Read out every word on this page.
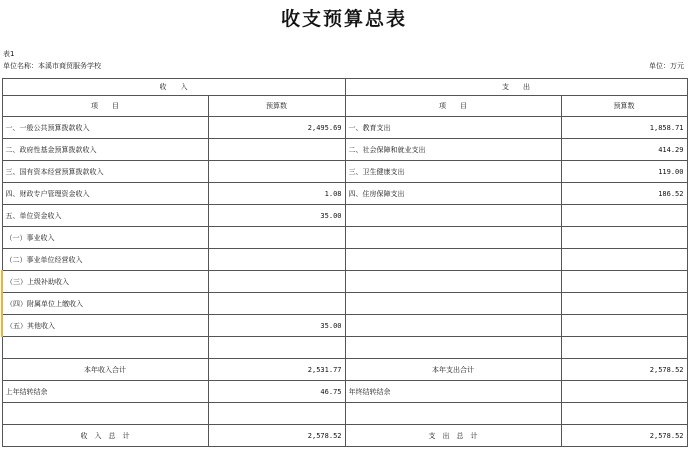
收支预算总表
表1
单位名称：本溪市商贸服务学校	单位：万元
收　　入		支　　出	
项　　目	预算数	项　　目	预算数
一、一般公共预算拨款收入	2,495.69	一、教育支出	1,858.71
二、政府性基金预算拨款收入		二、社会保障和就业支出	414.29
三、国有资本经营预算拨款收入		三、卫生健康支出	119.00
四、财政专户管理资金收入	1.08	四、住房保障支出	186.52
五、单位资金收入	35.00		
（一）事业收入			
（二）事业单位经营收入			
（三）上级补助收入			
（四）附属单位上缴收入			
（五）其他收入	35.00		

本年收入合计	2,531.77	本年支出合计	2,578.52
上年结转结余	46.75	年终结转结余	

收　入　总　计	2,578.52	支　出　总　计	2,578.52
